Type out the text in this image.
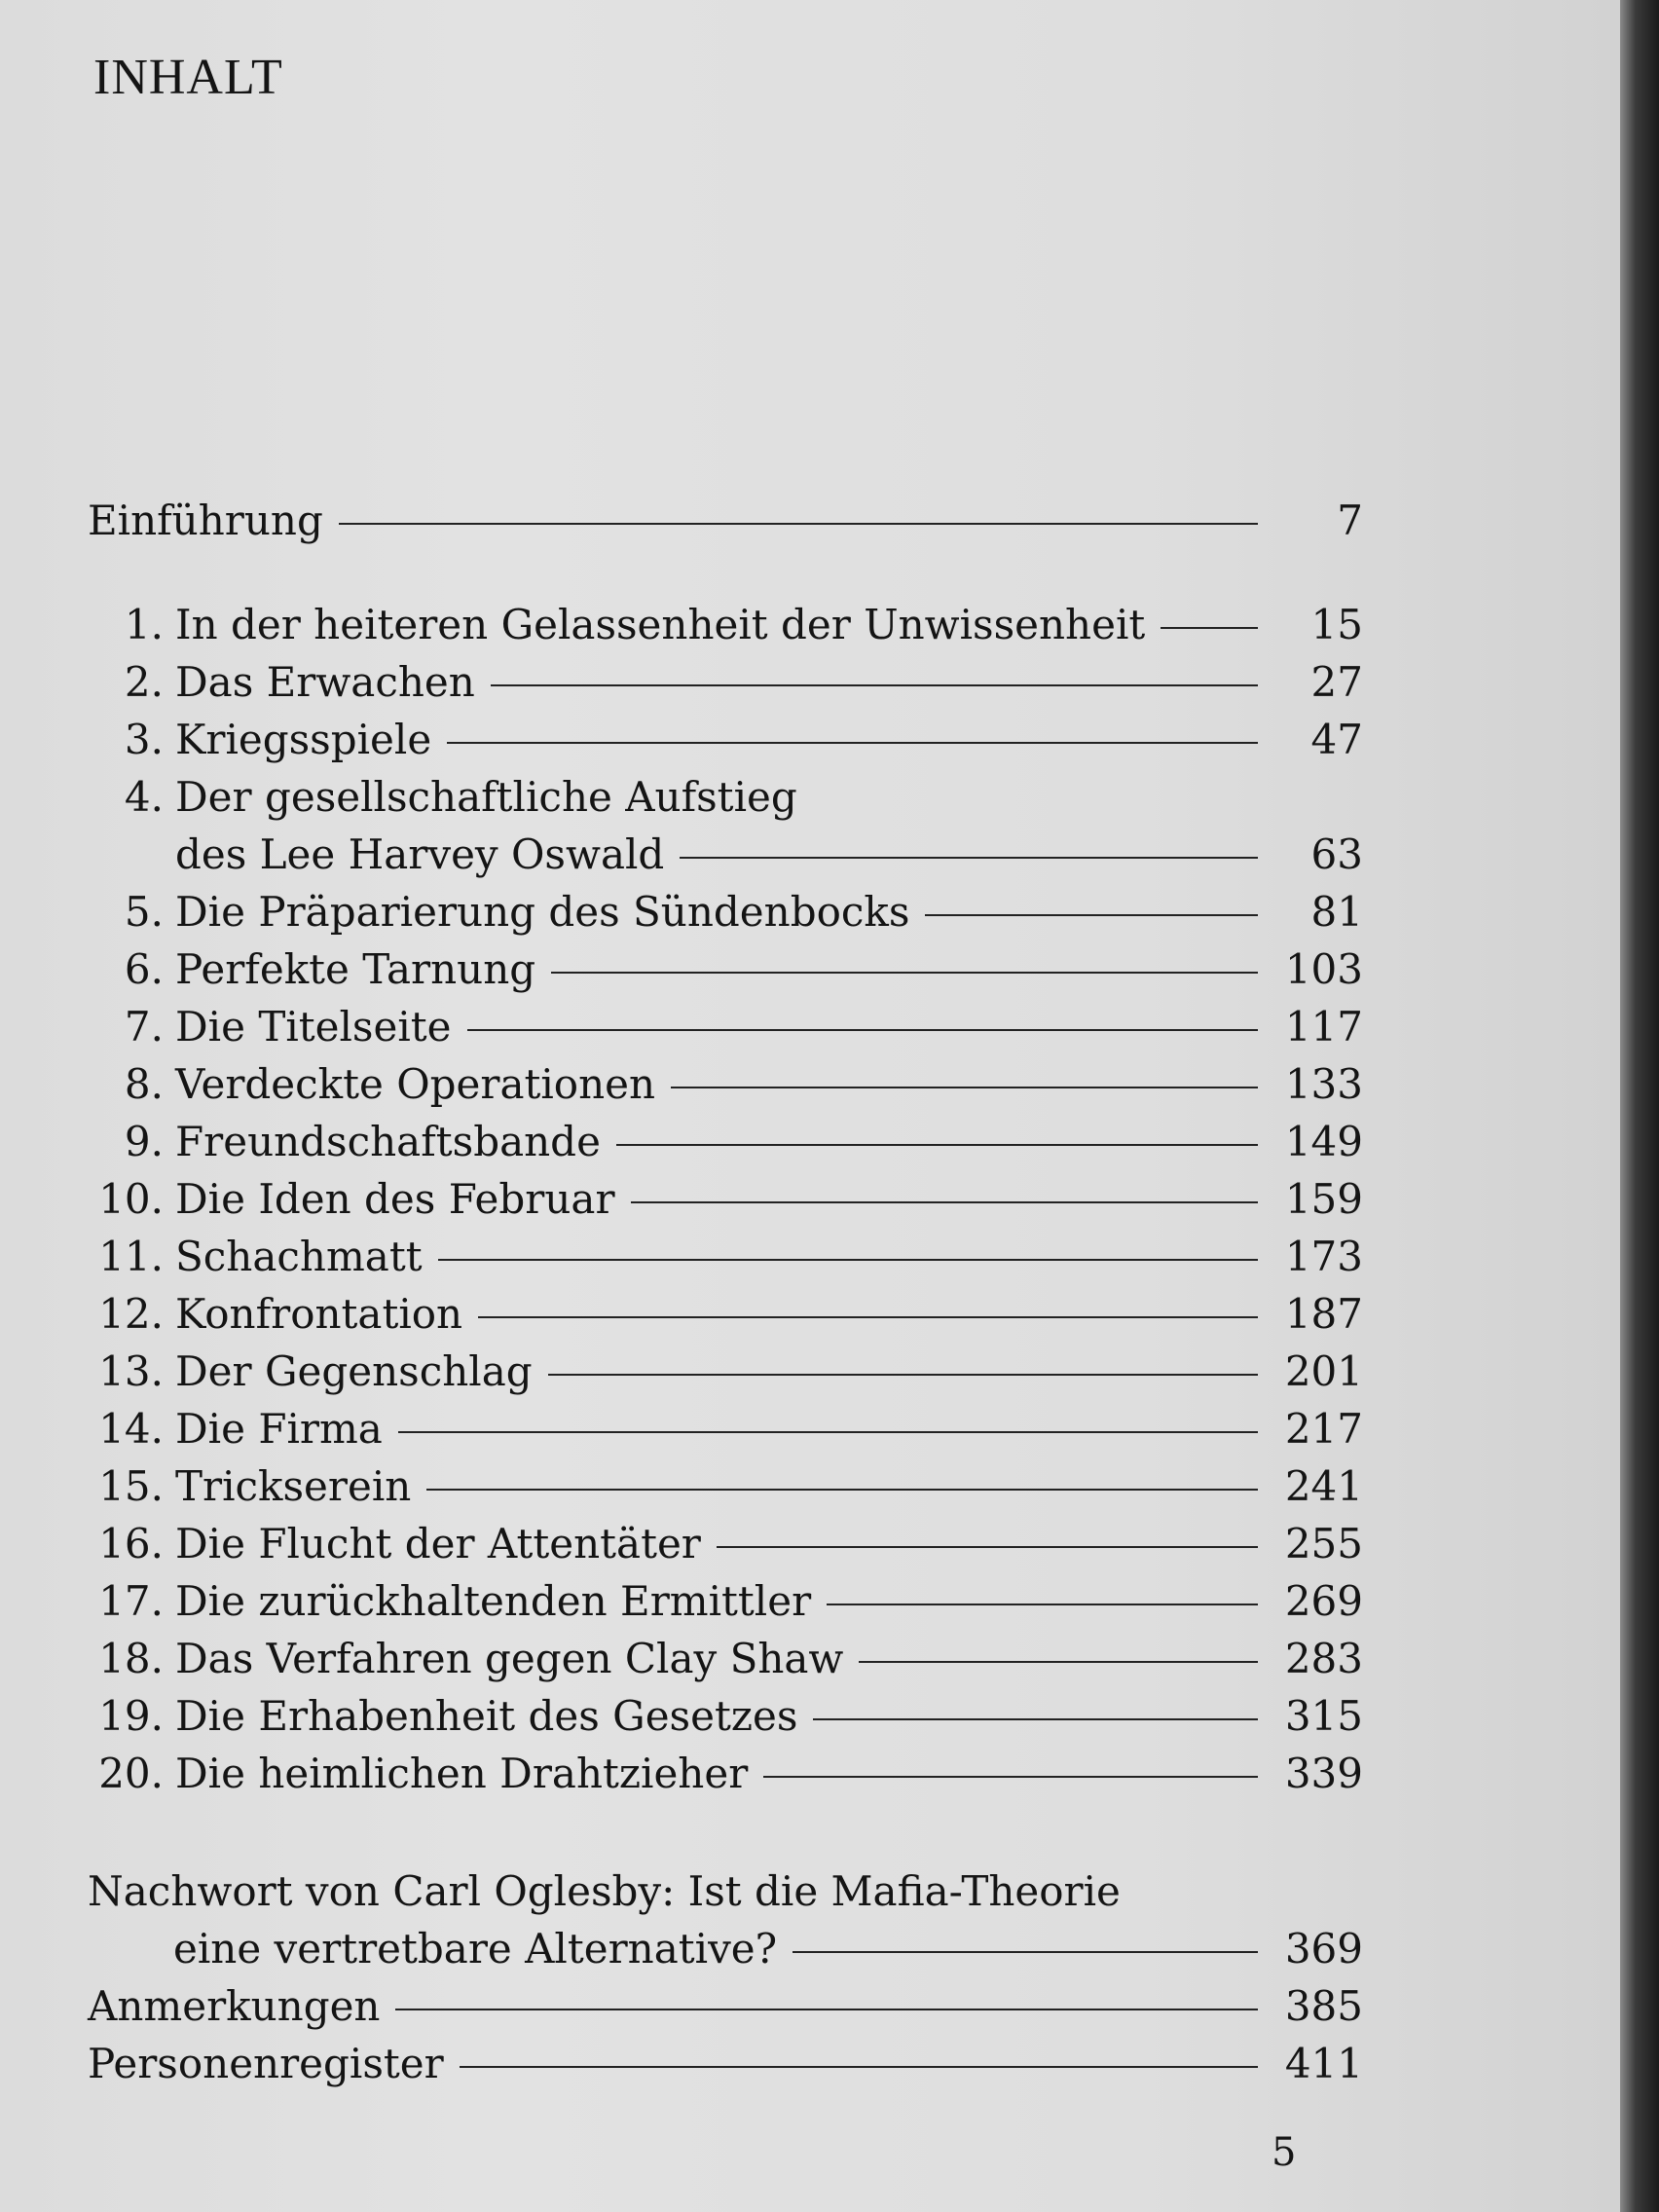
INHALT
Einführung	7
1. In der heiteren Gelassenheit der Unwissenheit	15
2. Das Erwachen	27
3. Kriegsspiele	47
4. Der gesellschaftliche Aufstieg
des Lee Harvey Oswald	63
5. Die Präparierung des Sündenbocks	81
6. Perfekte Tarnung	103
7. Die Titelseite	117
8. Verdeckte Operationen	133
9. Freundschaftsbande	149
10. Die Iden des Februar	159
11. Schachmatt	173
12. Konfrontation	187
13. Der Gegenschlag	201
14. Die Firma	217
15. Trickserein	241
16. Die Flucht der Attentäter	255
17. Die zurückhaltenden Ermittler	269
18. Das Verfahren gegen Clay Shaw	283
19. Die Erhabenheit des Gesetzes	315
20. Die heimlichen Drahtzieher	339
Nachwort von Carl Oglesby: Ist die Mafia-Theorie
eine vertretbare Alternative?	369
Anmerkungen	385
Personenregister	411
5
